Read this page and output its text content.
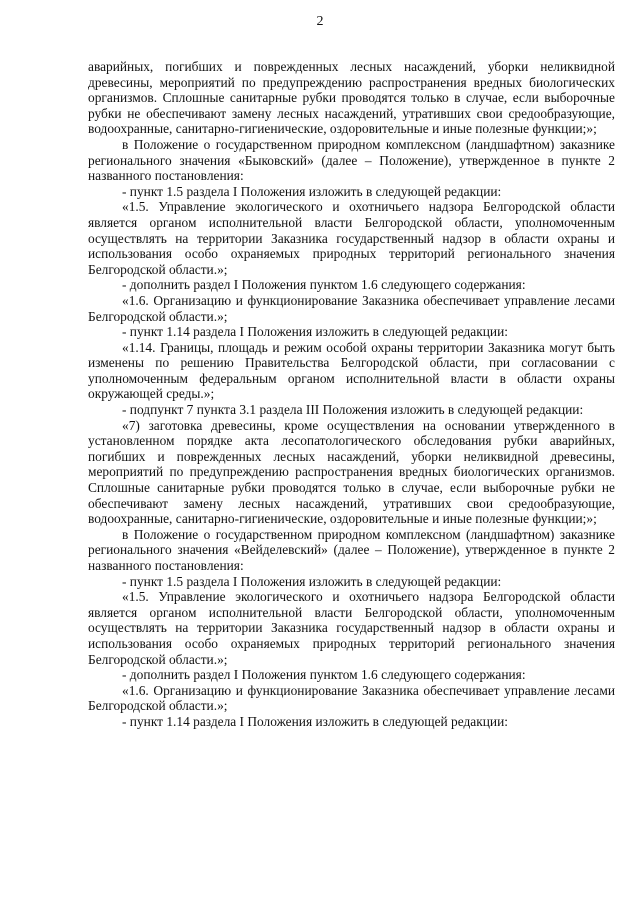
2

аварийных, погибших и поврежденных лесных насаждений, уборки неликвидной древесины, мероприятий по предупреждению распространения вредных биологических организмов. Сплошные санитарные рубки проводятся только в случае, если выборочные рубки не обеспечивают замену лесных насаждений, утративших свои средообразующие, водоохранные, санитарно-гигиенические, оздоровительные и иные полезные функции;»;

в Положение о государственном природном комплексном (ландшафтном) заказнике регионального значения «Быковский» (далее – Положение), утвержденное в пункте 2 названного постановления:

- пункт 1.5 раздела I Положения изложить в следующей редакции:

«1.5. Управление экологического и охотничьего надзора Белгородской области является органом исполнительной власти Белгородской области, уполномоченным осуществлять на территории Заказника государственный надзор в области охраны и использования особо охраняемых природных территорий регионального значения Белгородской области.»;

- дополнить раздел I Положения пунктом 1.6 следующего содержания:

«1.6. Организацию и функционирование Заказника обеспечивает управление лесами Белгородской области.»;

- пункт 1.14 раздела I Положения изложить в следующей редакции:

«1.14. Границы, площадь и режим особой охраны территории Заказника могут быть изменены по решению Правительства Белгородской области, при согласовании с уполномоченным федеральным органом исполнительной власти в области охраны окружающей среды.»;

- подпункт 7 пункта 3.1 раздела III Положения изложить в следующей редакции:

«7) заготовка древесины, кроме осуществления на основании утвержденного в установленном порядке акта лесопатологического обследования рубки аварийных, погибших и поврежденных лесных насаждений, уборки неликвидной древесины, мероприятий по предупреждению распространения вредных биологических организмов. Сплошные санитарные рубки проводятся только в случае, если выборочные рубки не обеспечивают замену лесных насаждений, утративших свои средообразующие, водоохранные, санитарно-гигиенические, оздоровительные и иные полезные функции;»;

в Положение о государственном природном комплексном (ландшафтном) заказнике регионального значения «Вейделевский» (далее – Положение), утвержденное в пункте 2 названного постановления:

- пункт 1.5 раздела I Положения изложить в следующей редакции:

«1.5. Управление экологического и охотничьего надзора Белгородской области является органом исполнительной власти Белгородской области, уполномоченным осуществлять на территории Заказника государственный надзор в области охраны и использования особо охраняемых природных территорий регионального значения Белгородской области.»;

- дополнить раздел I Положения пунктом 1.6 следующего содержания:

«1.6. Организацию и функционирование Заказника обеспечивает управление лесами Белгородской области.»;

- пункт 1.14 раздела I Положения изложить в следующей редакции:
